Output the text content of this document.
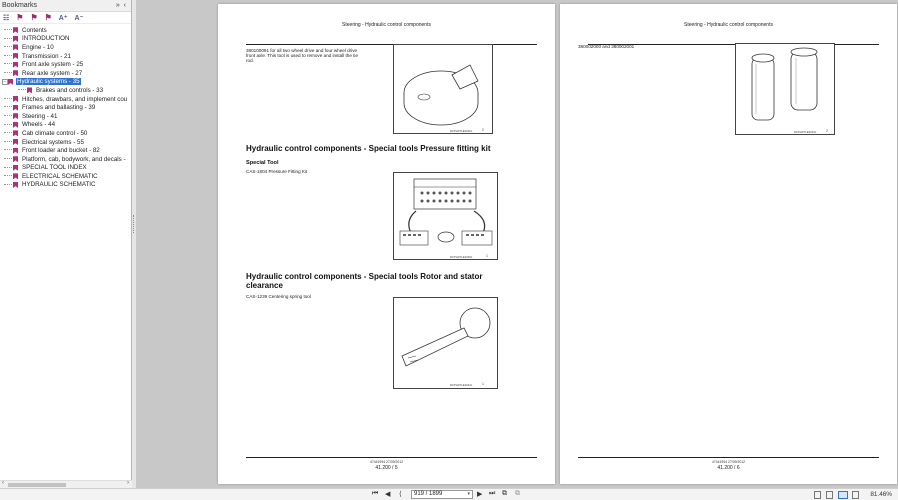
Bookmarks	» ‹
☷ ⚑ ⚑ ⚑ A⁺ A⁻
Contents
INTRODUCTION
Engine - 10
Transmission - 21
Front axle system - 25
Rear axle system - 27
− Hydraulic systems - 35
Brakes and controls - 33
Hitches, drawbars, and implement cou
Frames and ballasting - 39
Steering - 41
Wheels - 44
Cab climate control - 50
Electrical systems - 55
Front loader and bucket - 82
Platform, cab, bodywork, and decals -
SPECIAL TOOL INDEX
ELECTRICAL SCHEMATIC
HYDRAULIC SCHEMATIC
‹	›
Steering - Hydraulic control components
380100091 for all two wheel drive and four wheel drive
front axle. This tool is used to remove and install the tie
rod.
RCPH9TLE2046L	2
Hydraulic control components - Special tools Pressure fitting kit
Special Tool
CAS-1804 Pressure Fitting Kit
RCPH9TLE2045L	1
Hydraulic control components - Special tools Rotor and stator
clearance
CAS-1239 Centering spring tool
RCPH9TLE2044L	1
47441994 27/09/2012
41.200 / 5
Steering - Hydraulic control components
380002000 and 380002001
RCPH9TLE2043L	2
47441994 27/09/2012
41.200 / 6
⏮ ◀ ⟨	919 / 1899	▾ ▶ ⏭ ⧉ ⧉	81.46%
